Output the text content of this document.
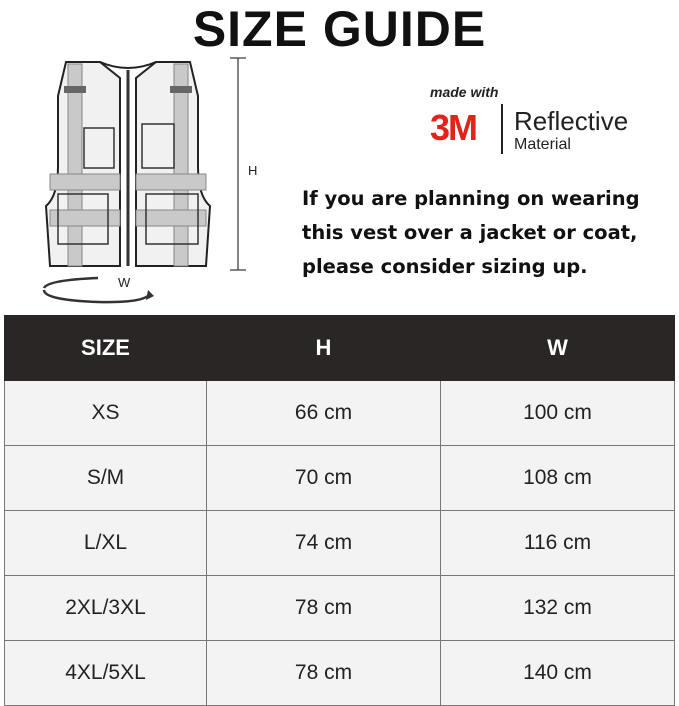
SIZE GUIDE
H
W
made with
3M Reflective
Material
If you are planning on wearing
this vest over a jacket or coat,
please consider sizing up.
SIZE	H	W
XS	66 cm	100 cm
S/M	70 cm	108 cm
L/XL	74 cm	116 cm
2XL/3XL	78 cm	132 cm
4XL/5XL	78 cm	140 cm
